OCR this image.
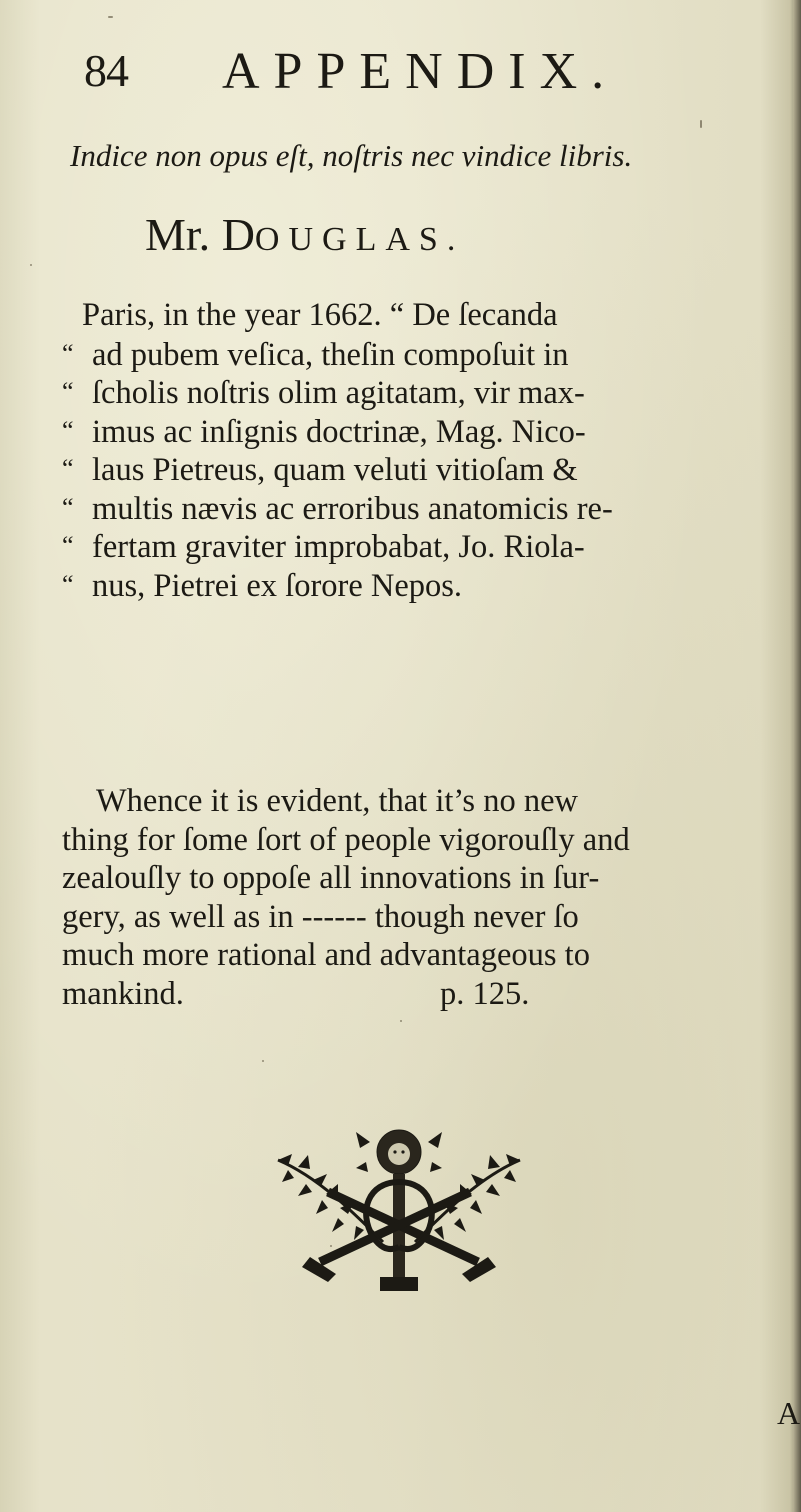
84 APPENDIX.
Indice non opus eſt, noſtris nec vindice libris.
Mr. DOUGLAS.
Paris, in the year 1662. “ De ſecanda
“ ad pubem veſica, theſin compoſuit in
“ ſcholis noſtris olim agitatam, vir max-
“ imus ac inſignis doctrinæ, Mag. Nico-
“ laus Pietreus, quam veluti vitioſam &
“ multis nævis ac erroribus anatomicis re-
“ fertam graviter improbabat, Jo. Riola-
“ nus, Pietrei ex ſorore Nepos.
Whence it is evident, that it’s no new
thing for ſome ſort of people vigorouſly and
zealouſly to oppoſe all innovations in ſur-
gery, as well as in ------ though never ſo
much more rational and advantageous to
mankind.	p. 125.
A
